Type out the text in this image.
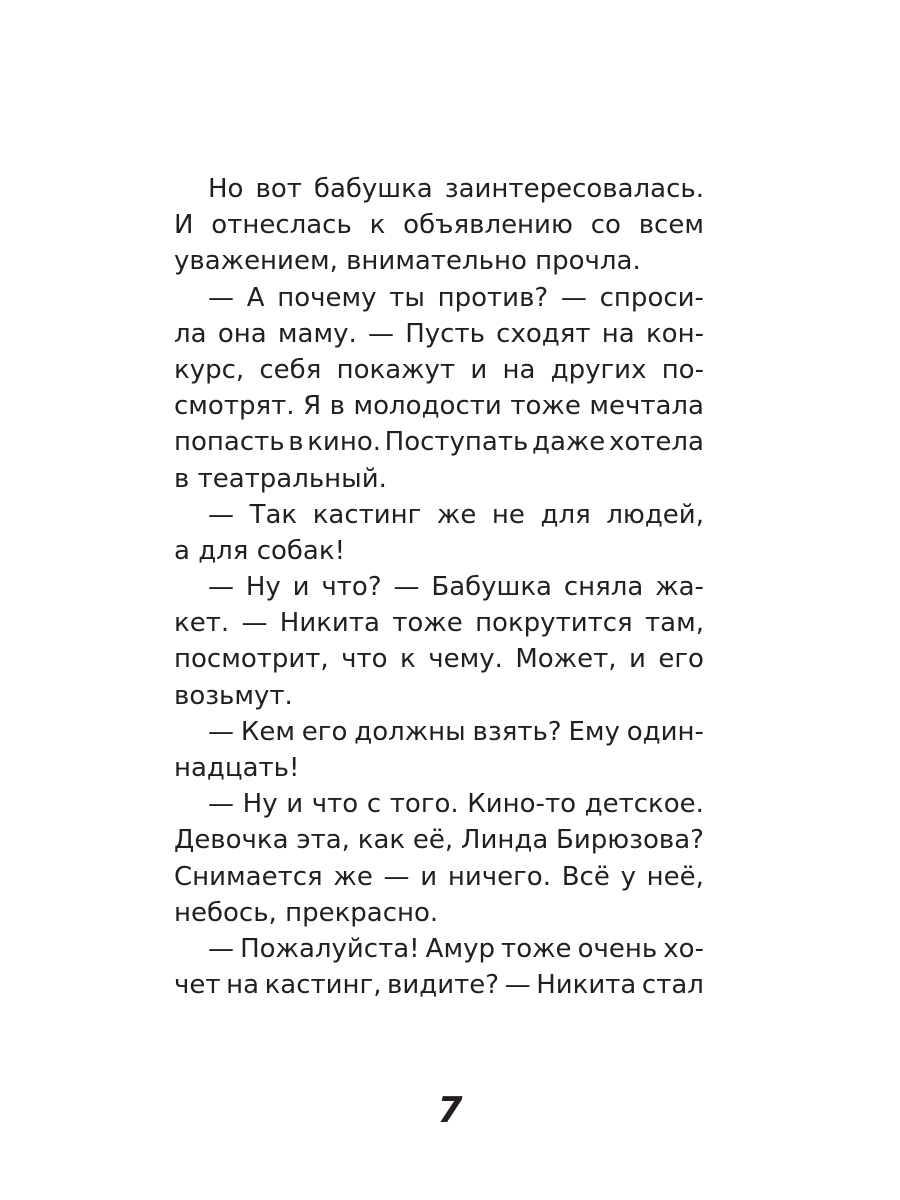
Но вот бабушка заинтересовалась.
И отнеслась к объявлению со всем
уважением, внимательно прочла.
— А почему ты против? — спроси-
ла она маму. — Пусть сходят на кон-
курс, себя покажут и на других по-
смотрят. Я в молодости тоже мечтала
попасть в кино. Поступать даже хотела
в театральный.
— Так кастинг же не для людей,
а для собак!
— Ну и что? — Бабушка сняла жа-
кет. — Никита тоже покрутится там,
посмотрит, что к чему. Может, и его
возьмут.
— Кем его должны взять? Ему один-
надцать!
— Ну и что с того. Кино-то детское.
Девочка эта, как её, Линда Бирюзова?
Снимается же — и ничего. Всё у неё,
небось, прекрасно.
— Пожалуйста! Амур тоже очень хо-
чет на кастинг, видите? — Никита стал
7
